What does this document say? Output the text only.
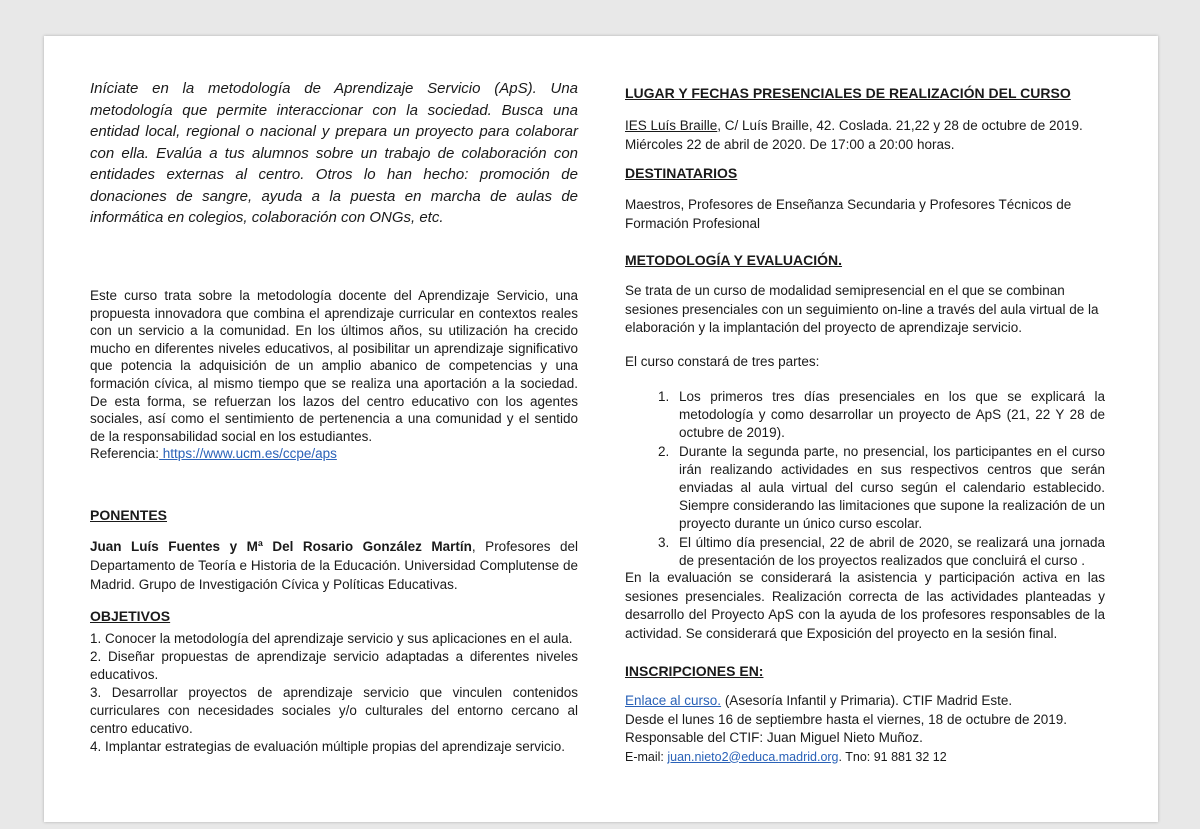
Iníciate en la metodología de Aprendizaje Servicio (ApS). Una metodología que permite interaccionar con la sociedad. Busca una entidad local, regional o nacional y prepara un proyecto para colaborar con ella. Evalúa a tus alumnos sobre un trabajo de colaboración con entidades externas al centro. Otros lo han hecho: promoción de donaciones de sangre, ayuda a la puesta en marcha de aulas de informática en colegios, colaboración con ONGs, etc.

Este curso trata sobre la metodología docente del Aprendizaje Servicio, una propuesta innovadora que combina el aprendizaje curricular en contextos reales con un servicio a la comunidad. En los últimos años, su utilización ha crecido mucho en diferentes niveles educativos, al posibilitar un aprendizaje significativo que potencia la adquisición de un amplio abanico de competencias y una formación cívica, al mismo tiempo que se realiza una aportación a la sociedad. De esta forma, se refuerzan los lazos del centro educativo con los agentes sociales, así como el sentimiento de pertenencia a una comunidad y el sentido de la responsabilidad social en los estudiantes.
Referencia: https://www.ucm.es/ccpe/aps
PONENTES

Juan Luís Fuentes y Mª Del Rosario González Martín, Profesores del Departamento de Teoría e Historia de la Educación. Universidad Complutense de Madrid. Grupo de Investigación Cívica y Políticas Educativas.

OBJETIVOS

1. Conocer la metodología del aprendizaje servicio y sus aplicaciones en el aula.

2. Diseñar propuestas de aprendizaje servicio adaptadas a diferentes niveles educativos.

3. Desarrollar proyectos de aprendizaje servicio que vinculen contenidos curriculares con necesidades sociales y/o culturales del entorno cercano al centro educativo.

4. Implantar estrategias de evaluación múltiple propias del aprendizaje servicio.

LUGAR Y FECHAS PRESENCIALES DE REALIZACIÓN DEL CURSO
IES Luís Braille, C/ Luís Braille, 42. Coslada. 21,22 y 28 de octubre de 2019.
Miércoles 22 de abril de 2020. De 17:00 a 20:00 horas.
DESTINATARIOS

Maestros, Profesores de Enseñanza Secundaria y Profesores Técnicos de Formación Profesional

METODOLOGÍA Y EVALUACIÓN.

Se trata de un curso de modalidad semipresencial en el que se combinan sesiones presenciales con un seguimiento on-line a través del aula virtual de la elaboración y la implantación del proyecto de aprendizaje servicio.

El curso constará de tres partes:

1. Los primeros tres días presenciales en los que se explicará la metodología y como desarrollar un proyecto de ApS (21, 22 Y 28 de octubre de 2019).
2. Durante la segunda parte, no presencial, los participantes en el curso irán realizando actividades en sus respectivos centros que serán enviadas al aula virtual del curso según el calendario establecido. Siempre considerando las limitaciones que supone la realización de un proyecto durante un único curso escolar.
3. El último día presencial, 22 de abril de 2020, se realizará una jornada de presentación de los proyectos realizados que concluirá el curso .

En la evaluación se considerará la asistencia y participación activa en las sesiones presenciales. Realización correcta de las actividades planteadas y desarrollo del Proyecto ApS con la ayuda de los profesores responsables de la actividad. Se considerará que Exposición del proyecto en la sesión final.

INSCRIPCIONES EN:
Enlace al curso. (Asesoría Infantil y Primaria). CTIF Madrid Este.
Desde el lunes 16 de septiembre hasta el viernes, 18 de octubre de 2019.
Responsable del CTIF: Juan Miguel Nieto Muñoz.
E-mail: juan.nieto2@educa.madrid.org. Tno: 91 881 32 12
